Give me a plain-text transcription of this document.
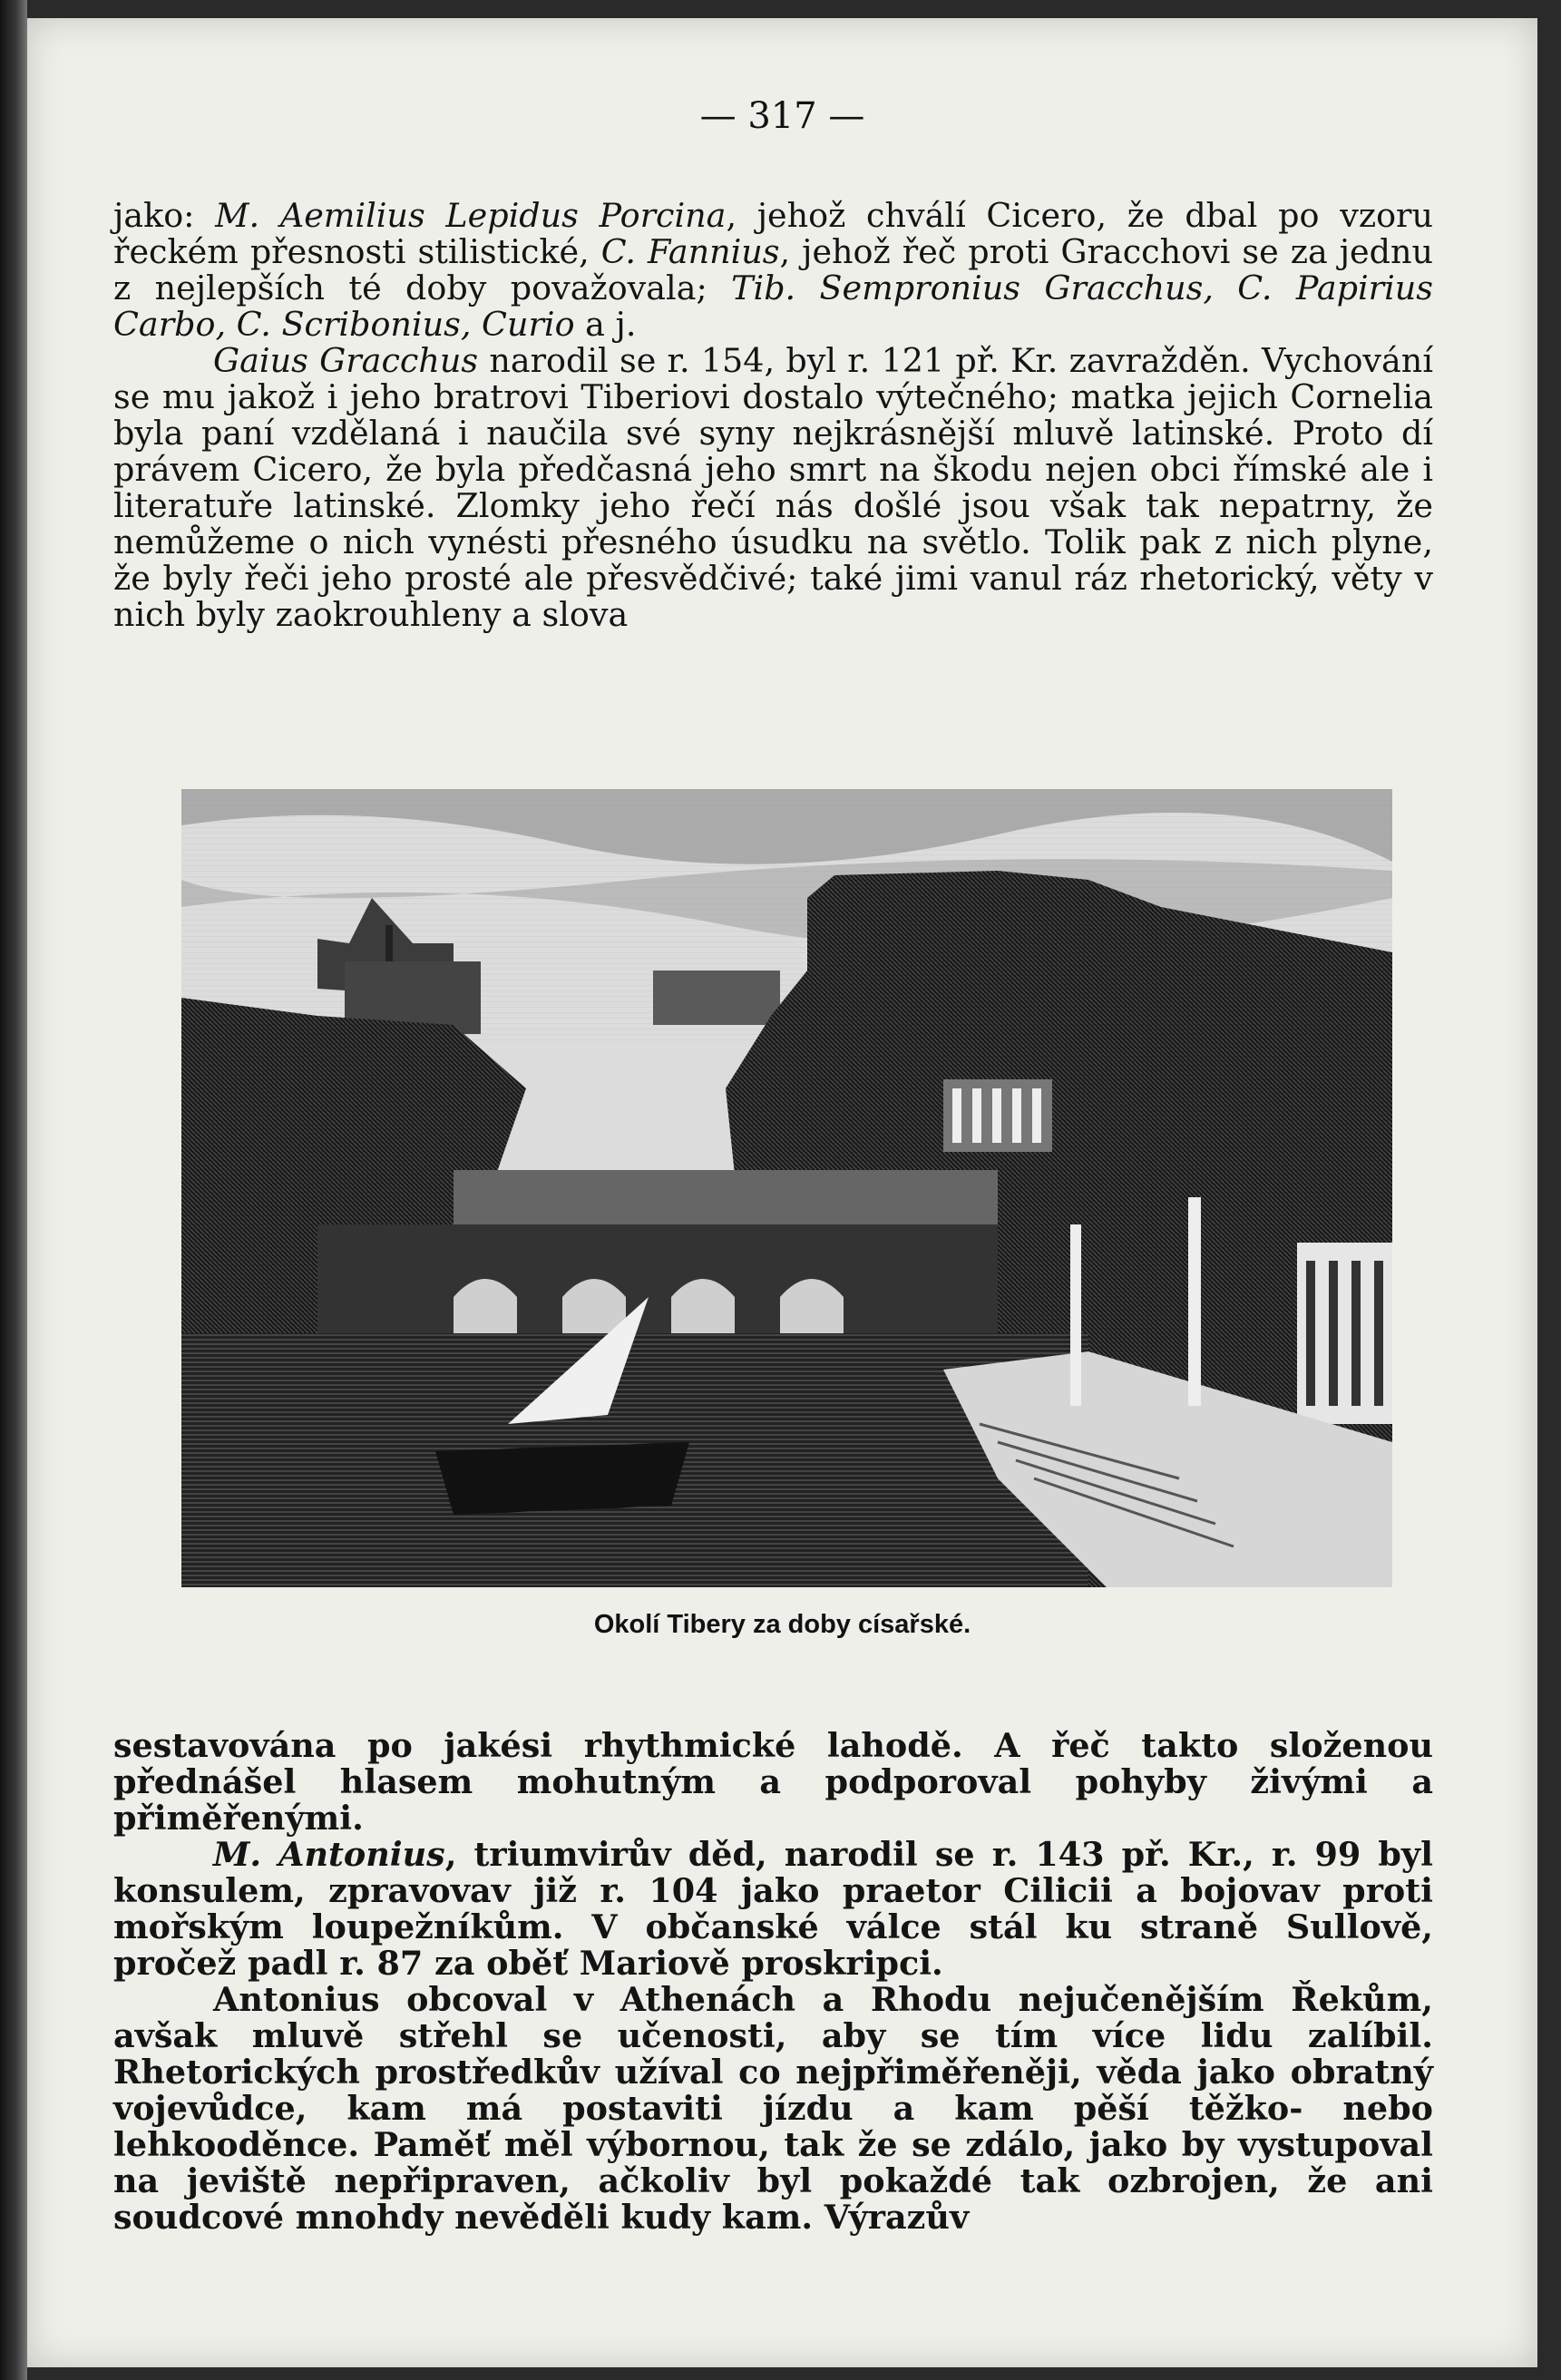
— 317 —

jako: M. Aemilius Lepidus Porcina, jehož chválí Cicero, že dbal po vzoru řeckém přesnosti stilistické, C. Fannius, jehož řeč proti Gracchovi se za jednu z nejlepších té doby považovala; Tib. Sempronius Gracchus, C. Papirius Carbo, C. Scribonius, Curio a j.

Gaius Gracchus narodil se r. 154, byl r. 121 př. Kr. zavražděn. Vychování se mu jakož i jeho bratrovi Tiberiovi dostalo výtečného; matka jejich Cornelia byla paní vzdělaná i naučila své syny nejkrásnější mluvě latinské. Proto dí právem Cicero, že byla předčasná jeho smrt na škodu nejen obci římské ale i literatuře latinské. Zlomky jeho řečí nás došlé jsou však tak nepatrny, že nemůžeme o nich vynésti přesného úsudku na světlo. Tolik pak z nich plyne, že byly řeči jeho prosté ale přesvědčivé; také jimi vanul ráz rhetorický, věty v nich byly zaokrouhleny a slova

Okolí Tibery za doby císařské.

sestavována po jakési rhythmické lahodě. A řeč takto složenou přednášel hlasem mohutným a podporoval pohyby živými a přiměřenými.

M. Antonius, triumvirův děd, narodil se r. 143 př. Kr., r. 99 byl konsulem, zpravovav již r. 104 jako praetor Cilicii a bojovav proti mořským loupežníkům. V občanské válce stál ku straně Sullově, pročež padl r. 87 za oběť Mariově proskripci.

Antonius obcoval v Athenách a Rhodu nejučenějším Řekům, avšak mluvě střehl se učenosti, aby se tím více lidu zalíbil. Rhetorických prostředkův užíval co nejpřiměřeněji, věda jako obratný vojevůdce, kam má postaviti jízdu a kam pěší těžko- nebo lehkooděnce. Paměť měl výbornou, tak že se zdálo, jako by vystupoval na jeviště nepřipraven, ačkoliv byl pokaždé tak ozbrojen, že ani soudcové mnohdy nevěděli kudy kam. Výrazův
